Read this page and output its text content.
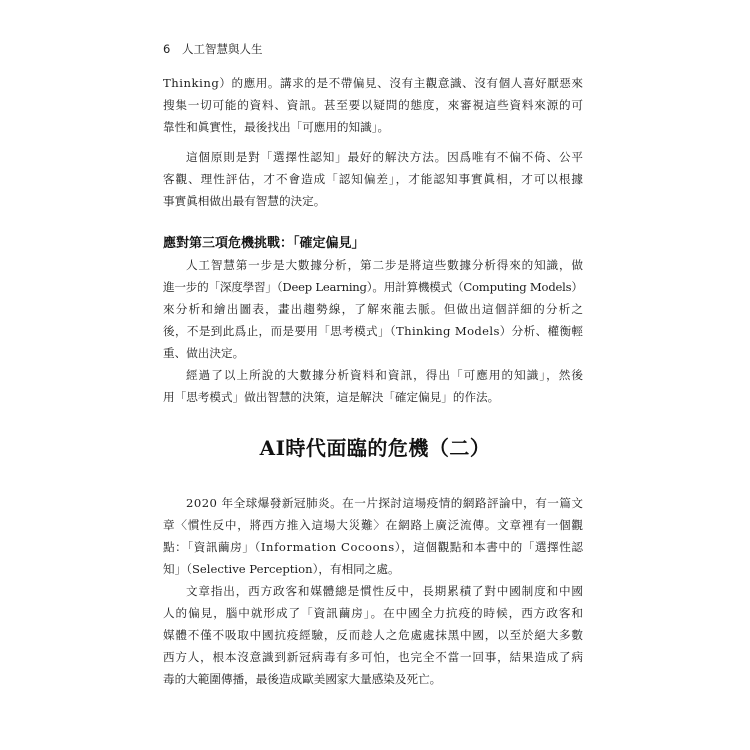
6 人工智慧與人生
Thinking）的應用。講求的是不帶偏見、沒有主觀意識、沒有個人喜好厭惡來
搜集一切可能的資料、資訊。甚至要以疑問的態度，來審視這些資料來源的可
靠性和眞實性，最後找出「可應用的知識」。
這個原則是對「選擇性認知」最好的解決方法。因爲唯有不偏不倚、公平
客觀、理性評估，才不會造成「認知偏差」，才能認知事實眞相，才可以根據
事實眞相做出最有智慧的決定。
應對第三項危機挑戰：「確定偏見」
人工智慧第一步是大數據分析，第二步是將這些數據分析得來的知識，做
進一步的「深度學習」（Deep Learning）。用計算機模式（Computing Models）
來分析和繪出圖表，畫出趨勢線，了解來龍去脈。但做出這個詳細的分析之
後，不是到此爲止，而是要用「思考模式」（Thinking Models）分析、權衡輕
重、做出決定。
經過了以上所說的大數據分析資料和資訊，得出「可應用的知識」，然後
用「思考模式」做出智慧的決策，這是解決「確定偏見」的作法。
AI時代面臨的危機（二）
2020 年全球爆發新冠肺炎。在一片探討這場疫情的網路評論中，有一篇文
章〈慣性反中，將西方推入這場大災難〉在網路上廣泛流傳。文章裡有一個觀
點：「資訊繭房」（Information Cocoons），這個觀點和本書中的「選擇性認
知」（Selective Perception），有相同之處。
文章指出，西方政客和媒體總是慣性反中，長期累積了對中國制度和中國
人的偏見，腦中就形成了「資訊繭房」。在中國全力抗疫的時候，西方政客和
媒體不僅不吸取中國抗疫經驗，反而趁人之危處處抹黑中國，以至於絕大多數
西方人，根本沒意識到新冠病毒有多可怕，也完全不當一回事，結果造成了病
毒的大範圍傳播，最後造成歐美國家大量感染及死亡。
